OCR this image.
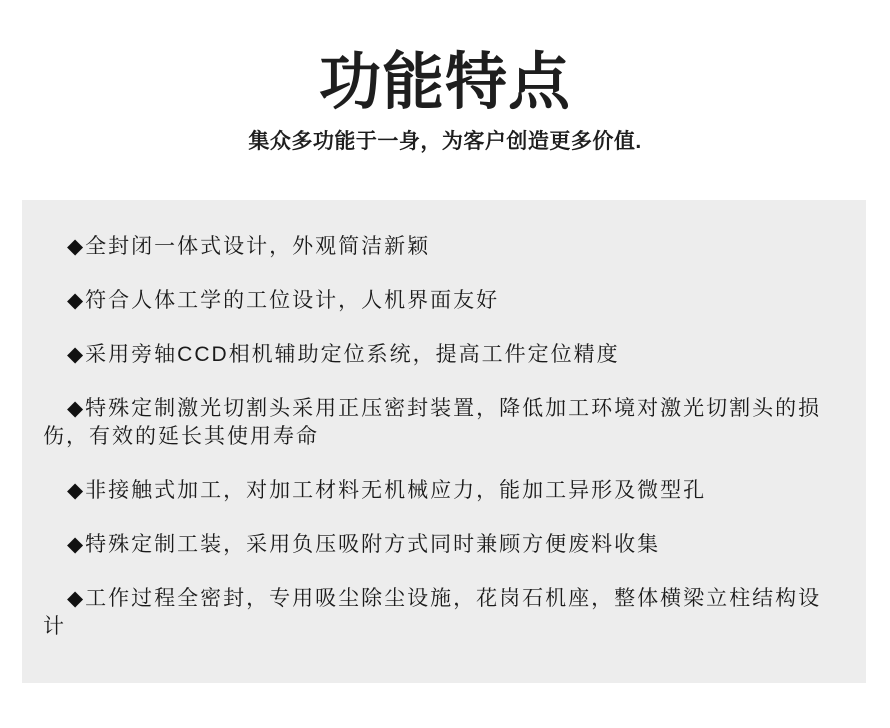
功能特点

集众多功能于一身，为客户创造更多价值.

◆全封闭一体式设计，外观简洁新颖
◆符合人体工学的工位设计，人机界面友好
◆采用旁轴CCD相机辅助定位系统，提高工件定位精度
◆特殊定制激光切割头采用正压密封装置，降低加工环境对激光切割头的损伤，有效的延长其使用寿命
◆非接触式加工，对加工材料无机械应力，能加工异形及微型孔
◆特殊定制工装，采用负压吸附方式同时兼顾方便废料收集
◆工作过程全密封，专用吸尘除尘设施，花岗石机座，整体横梁立柱结构设计
